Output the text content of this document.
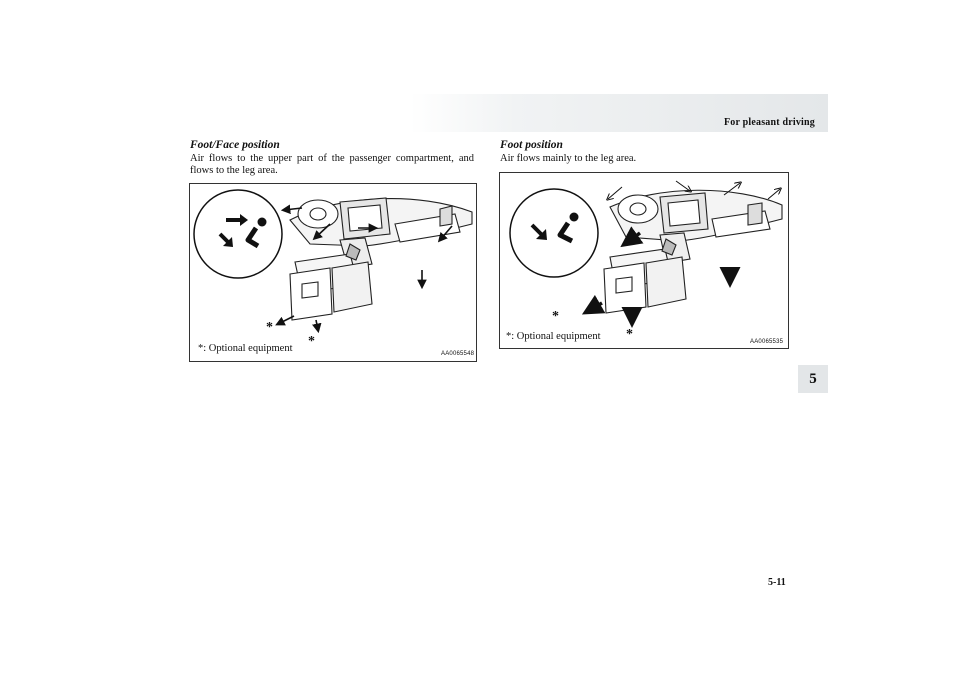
For pleasant driving
5
Foot/Face position

Air flows to the upper part of the passenger compartment, and flows to the leg area.

*
*
*: Optional equipment	AA0065548
Foot position

Air flows mainly to the leg area.

*
*
*: Optional equipment	AA0065535
5-11
